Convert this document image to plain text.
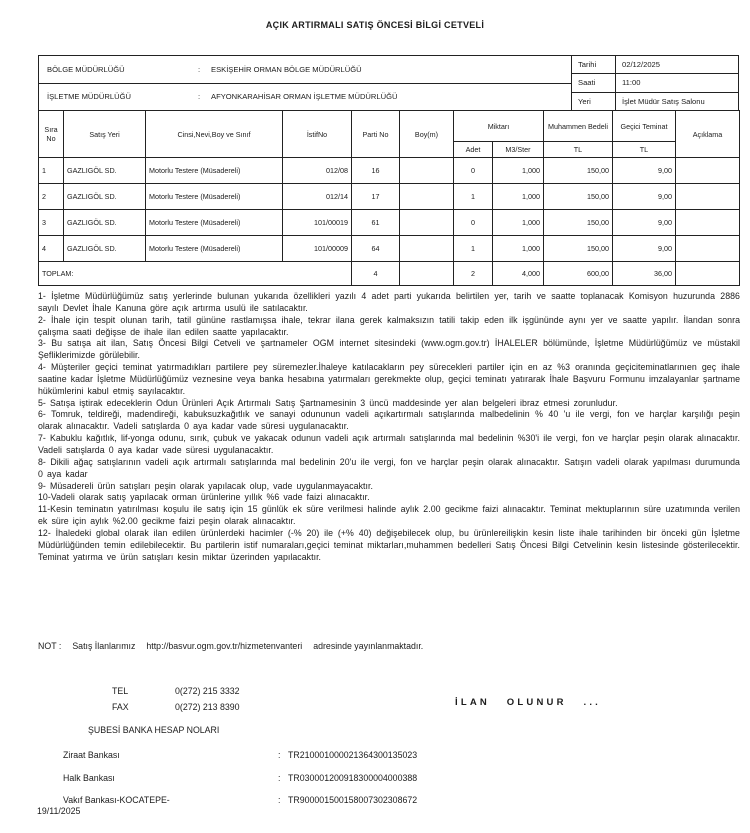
AÇIK ARTIRMALI SATIŞ ÖNCESİ BİLGİ CETVELİ
BÖLGE MÜDÜRLÜĞÜ	:	ESKİŞEHİR ORMAN BÖLGE MÜDÜRLÜĞÜ
İŞLETME MÜDÜRLÜĞÜ	:	AFYONKARAHİSAR ORMAN İŞLETME MÜDÜRLÜĞÜ
Tarihi	02/12/2025
Saati	11:00
Yeri	İşlet Müdür Satış Salonu
Sıra No	Satış Yeri	Cinsi,Nevi,Boy ve Sınıf	İstifNo	Parti No	Boy(m)	Miktarı		Muhammen Bedeli	Geçici Teminat	Açıklama
						Adet	M3/Ster	TL	TL	
1	GAZLIGÖL SD.	Motorlu Testere (Müsadereli)	012/08	16		0	1,000	150,00	9,00	
2	GAZLIGÖL SD.	Motorlu Testere (Müsadereli)	012/14	17		1	1,000	150,00	9,00	
3	GAZLIGÖL SD.	Motorlu Testere (Müsadereli)	101/00019	61		0	1,000	150,00	9,00	
4	GAZLIGÖL SD.	Motorlu Testere (Müsadereli)	101/00009	64		1	1,000	150,00	9,00	
TOPLAM:				4		2	4,000	600,00	36,00	

1- İşletme Müdürlüğümüz satış yerlerinde bulunan yukarıda özellikleri yazılı 4 adet parti yukarıda belirtilen yer, tarih ve saatte toplanacak Komisyon huzurunda 2886 sayılı Devlet İhale Kanuna göre açık artırma usulü ile satılacaktır.

2- İhale için tespit olunan tarih, tatil gününe rastlamışsa ihale, tekrar ilana gerek kalmaksızın tatili takip eden ilk işgününde aynı yer ve saatte yapılır. İlandan sonra çalışma saati değişse de ihale ilan edilen saatte yapılacaktır.

3- Bu satışa ait ilan, Satış Öncesi Bilgi Cetveli ve şartnameler OGM internet sitesindeki (www.ogm.gov.tr) İHALELER bölümünde, İşletme Müdürlüğümüz ve müstakil Şefliklerimizde görülebilir.

4- Müşteriler geçici teminat yatırmadıkları partilere pey süremezler.İhaleye katılacakların pey sürecekleri partiler için en az %3 oranında geçiciteminatlarınıen geç ihale saatine kadar İşletme Müdürlüğümüz veznesine veya banka hesabına yatırmaları gerekmekte olup, geçici teminatı yatırarak İhale Başvuru Formunu imzalayanlar şartname hükümlerini kabul etmiş sayılacaktır.

5- Satışa iştirak edeceklerin Odun Ürünleri Açık Artırmalı Satış Şartnamesinin 3 üncü maddesinde yer alan belgeleri ibraz etmesi zorunludur.

6- Tomruk, teldireği, madendireği, kabuksuzkağıtlık ve sanayi odununun vadeli açıkartırmalı satışlarında malbedelinin % 40 'u ile vergi, fon ve harçlar karşılığı peşin olarak alınacaktır. Vadeli satışlarda 0 aya kadar vade süresi uygulanacaktır.

7- Kabuklu kağıtlık, lif-yonga odunu, sırık, çubuk ve yakacak odunun vadeli açık artırmalı satışlarında mal bedelinin %30'i ile vergi, fon ve harçlar peşin olarak alınacaktır. Vadeli satışlarda 0 aya kadar vade süresi uygulanacaktır.

8- Dikili ağaç satışlarının vadeli açık artırmalı satışlarında mal bedelinin 20'u ile vergi, fon ve harçlar peşin olarak alınacaktır. Satışın vadeli olarak yapılması durumunda 0 aya kadar

9- Müsadereli ürün satışları peşin olarak yapılacak olup, vade uygulanmayacaktır.

10-Vadeli olarak satış yapılacak orman ürünlerine yıllık %6 vade faizi alınacaktır.

11-Kesin teminatın yatırılması koşulu ile satış için 15 günlük ek süre verilmesi halinde aylık 2.00 gecikme faizi alınacaktır. Teminat mektuplarının süre uzatımında verilen ek süre için aylık %2.00 gecikme faizi peşin olarak alınacaktır.

12- İhaledeki global olarak ilan edilen ürünlerdeki hacimler (-% 20) ile (+% 40) değişebilecek olup, bu ürünlereilişkin kesin liste ihale tarihinden bir önceki gün İşletme Müdürlüğünden temin edilebilecektir. Bu partilerin istif numaraları,geçici teminat miktarları,muhammen bedelleri Satış Öncesi Bilgi Cetvelinin kesin listesinde gösterilecektir. Teminat yatırma ve ürün satışları kesin miktar üzerinden yapılacaktır.

NOT : Satış İlanlarımız http://basvur.ogm.gov.tr/hizmetenvanteri adresinde yayınlanmaktadır.
TEL	0(272) 215 3332
FAX	0(272) 213 8390	İLAN OLUNUR ...
ŞUBESİ BANKA HESAP NOLARI
Ziraat Bankası	: TR210001000021364300135023
Halk Bankası	: TR030001200918300004000388
Vakıf Bankası-KOCATEPE-	: TR900001500158007302308672
19/11/2025
